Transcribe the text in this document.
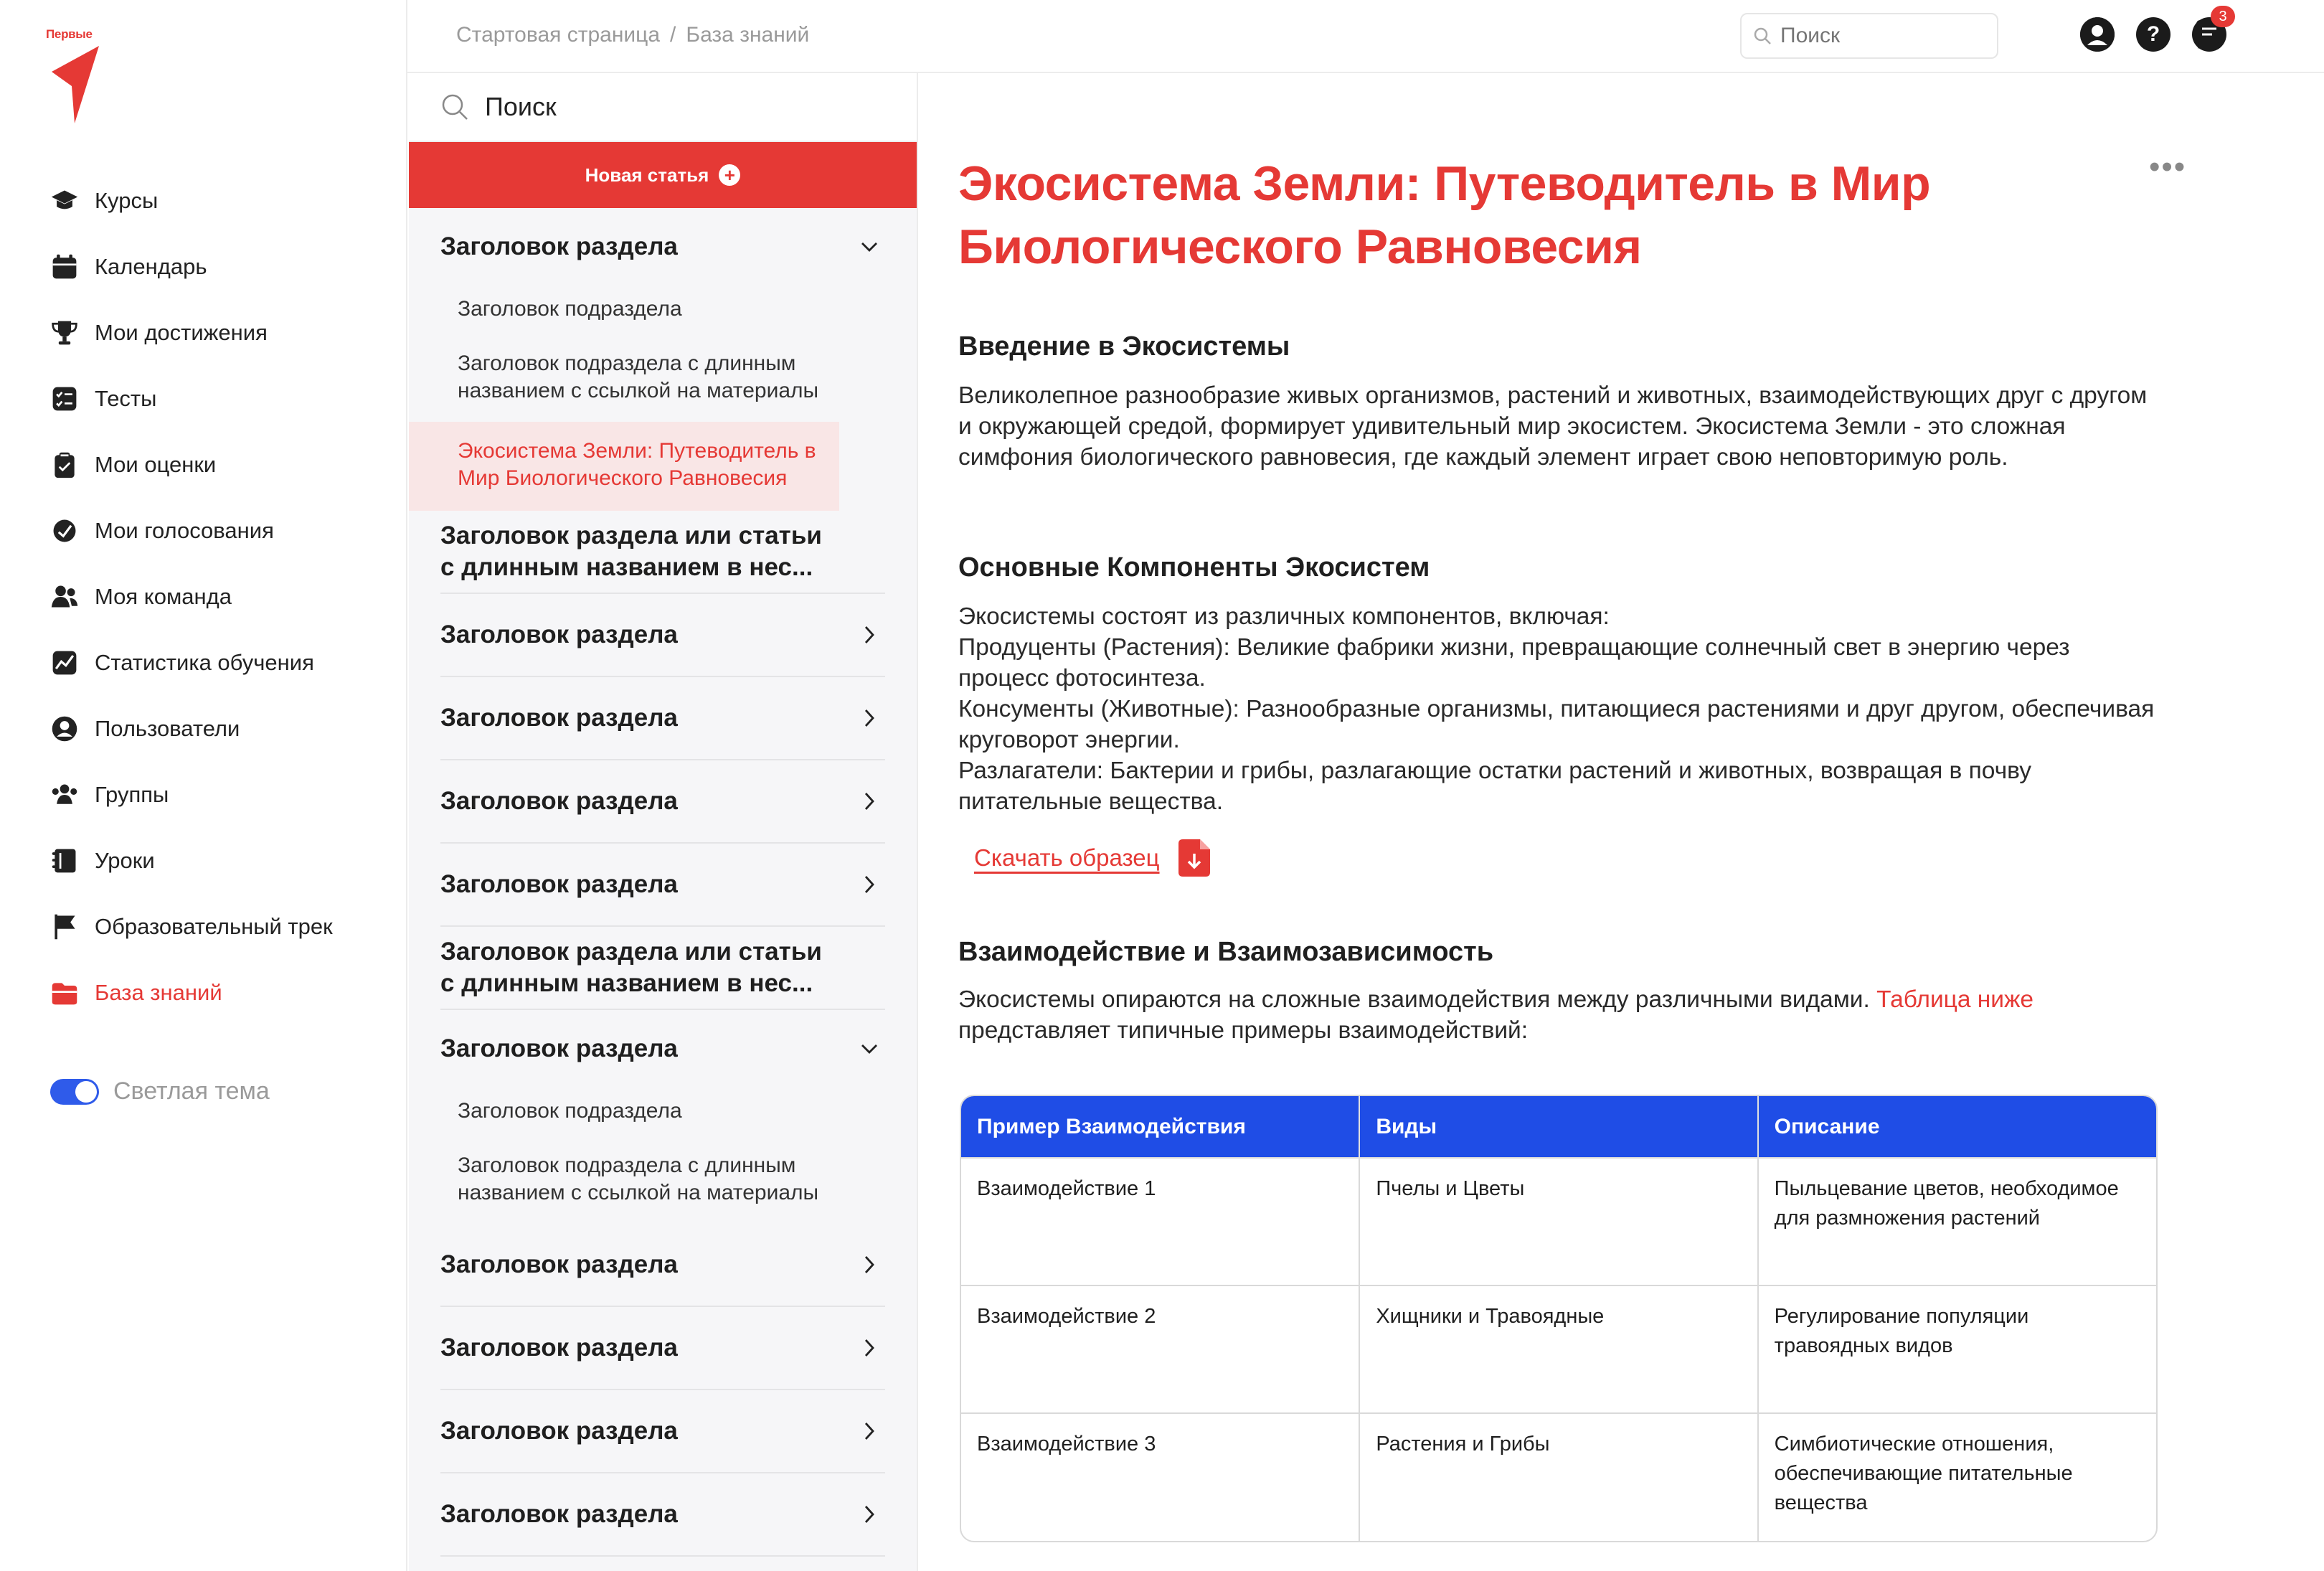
Первые
Курсы
Календарь
Мои достижения
Тесты
Мои оценки
Мои голосования
Моя команда
Статистика обучения
Пользователи
Группы
Уроки
Образовательный трек
База знаний
Светлая тема
Стартовая страница / База знаний
Поиск	?
3
Поиск
Новая статья +
Заголовок раздела
Заголовок подраздела
Заголовок подраздела с длинным названием с ссылкой на материалы
Экосистема Земли: Путеводитель в Мир Биологического Равновесия
Заголовок раздела или статьи с длинным названием в нес...
Заголовок раздела
Заголовок раздела
Заголовок раздела
Заголовок раздела
Заголовок раздела или статьи с длинным названием в нес...
Заголовок раздела
Заголовок подраздела
Заголовок подраздела с длинным названием с ссылкой на материалы
Заголовок раздела
Заголовок раздела
Заголовок раздела
Заголовок раздела
•••
Экосистема Земли: Путеводитель в Мир Биологического Равновесия
Введение в Экосистемы

Великолепное разнообразие живых организмов, растений и животных, взаимодействующих друг с другом и окружающей средой, формирует удивительный мир экосистем. Экосистема Земли - это сложная симфония биологического равновесия, где каждый элемент играет свою неповторимую роль.

Основные Компоненты Экосистем
Экосистемы состоят из различных компонентов, включая:
Продуценты (Растения): Великие фабрики жизни, превращающие солнечный свет в энергию через процесс фотосинтеза.
Консументы (Животные): Разнообразные организмы, питающиеся растениями и друг другом, обеспечивая круговорот энергии.
Разлагатели: Бактерии и грибы, разлагающие остатки растений и животных, возвращая в почву питательные вещества.
Скачать образец
Взаимодействие и Взаимозависимость

Экосистемы опираются на сложные взаимодействия между различными видами. Таблица ниже представляет типичные примеры взаимодействий:

Пример Взаимодействия	Виды	Описание
Взаимодействие 1	Пчелы и Цветы	Пыльцевание цветов, необходимое для размножения растений
Взаимодействие 2	Хищники и Травоядные	Регулирование популяции травоядных видов
Взаимодействие 3	Растения и Грибы	Симбиотические отношения, обеспечивающие питательные вещества
